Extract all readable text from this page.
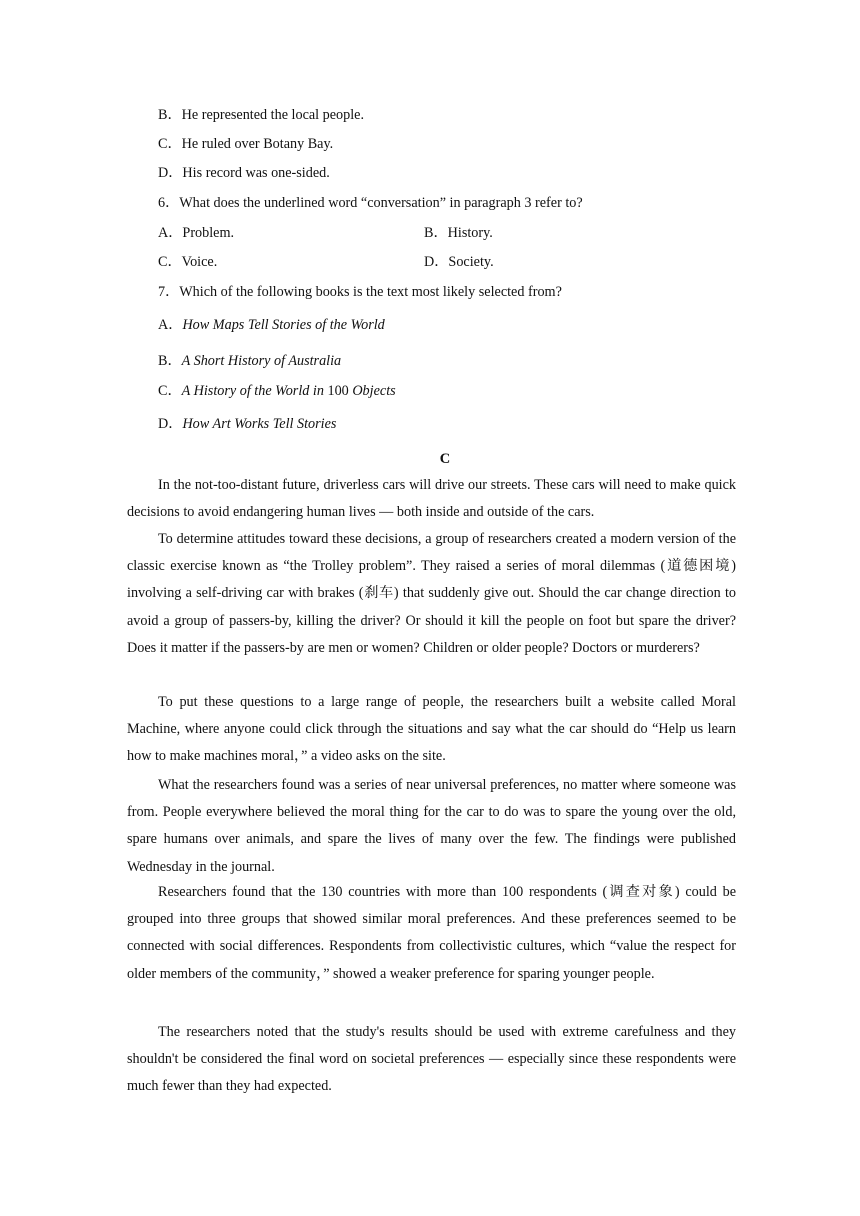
B．He represented the local people.
C．He ruled over Botany Bay.
D．His record was one-sided.
6．What does the underlined word “conversation” in paragraph 3 refer to?
A．Problem.	B．History.
C．Voice.	D．Society.
7．Which of the following books is the text most likely selected from?
A．How Maps Tell Stories of the World
B．A Short History of Australia
C．A History of the World in 100 Objects
D．How Art Works Tell Stories
C
In the not-too-distant future, driverless cars will drive our streets. These cars will need to make quick decisions to avoid endangering human lives — both inside and outside of the cars.
To determine attitudes toward these decisions, a group of researchers created a modern version of the classic exercise known as “the Trolley problem”. They raised a series of moral dilemmas (道德困境) involving a self-driving car with brakes (刹车) that suddenly give out. Should the car change direction to avoid a group of passers-by, killing the driver? Or should it kill the people on foot but spare the driver? Does it matter if the passers-by are men or women? Children or older people? Doctors or murderers?
To put these questions to a large range of people, the researchers built a website called Moral Machine, where anyone could click through the situations and say what the car should do “Help us learn how to make machines moral，” a video asks on the site.
What the researchers found was a series of near universal preferences, no matter where someone was from. People everywhere believed the moral thing for the car to do was to spare the young over the old, spare humans over animals, and spare the lives of many over the few. The findings were published Wednesday in the journal.
Researchers found that the 130 countries with more than 100 respondents (调查对象) could be grouped into three groups that showed similar moral preferences. And these preferences seemed to be connected with social differences. Respondents from collectivistic cultures, which “value the respect for older members of the community，” showed a weaker preference for sparing younger people.
The researchers noted that the study's results should be used with extreme carefulness and they shouldn't be considered the final word on societal preferences — especially since these respondents were much fewer than they had expected.
